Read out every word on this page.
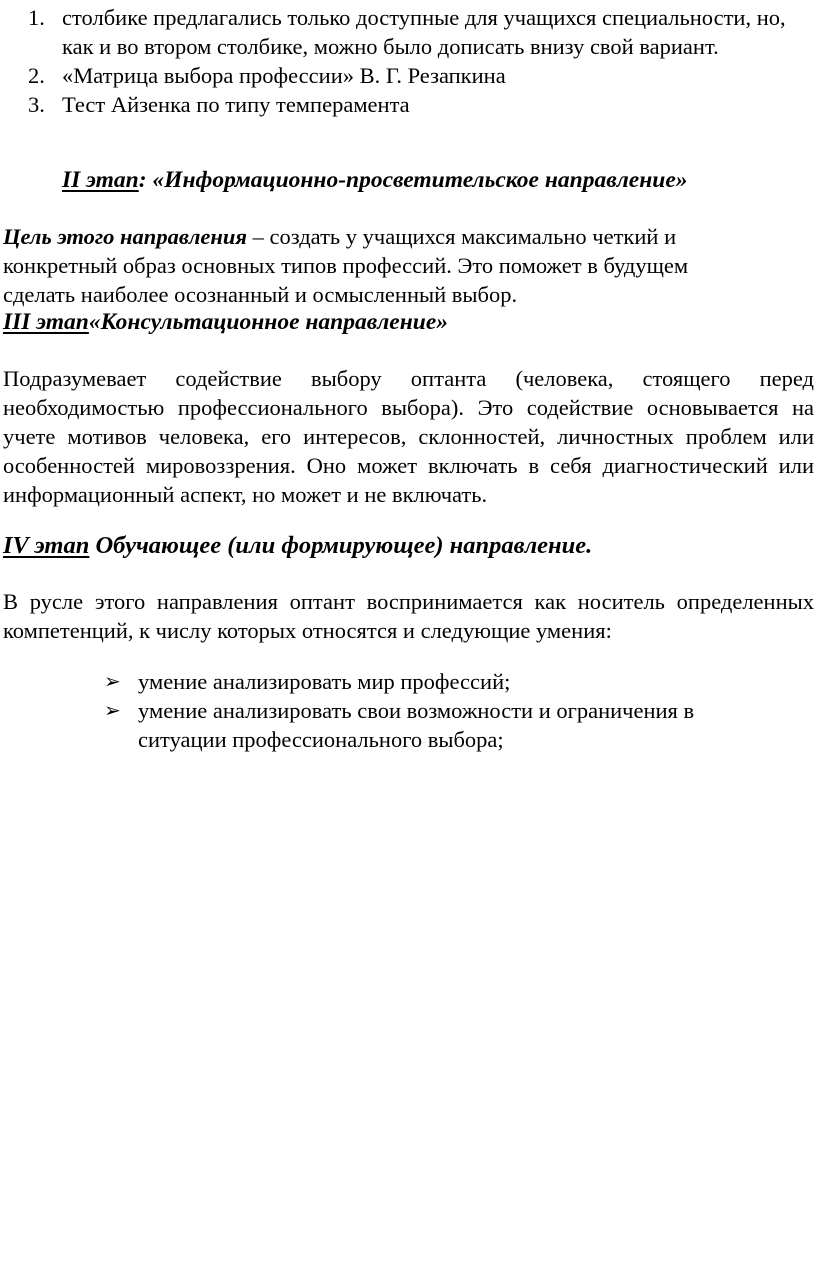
1. столбике предлагались только доступные для учащихся специальности, но, как и во втором столбике, можно было дописать внизу свой вариант.
2. «Матрица выбора профессии» В. Г. Резапкина
3. Тест Айзенка по типу темперамента
II этап: «Информационно-просветительское направление»

Цель этого направления – создать у учащихся максимально четкий и конкретный образ основных типов профессий. Это поможет в будущем сделать наиболее осознанный и осмысленный выбор.

III этап«Консультационное направление»

Подразумевает содействие выбору оптанта (человека, стоящего перед необходимостью профессионального выбора). Это содействие основывается на учете мотивов человека, его интересов, склонностей, личностных проблем или особенностей мировоззрения. Оно может включать в себя диагностический или информационный аспект, но может и не включать.

IV этап Обучающее (или формирующее) направление.

В русле этого направления оптант воспринимается как носитель определенных компетенций, к числу которых относятся и следующие умения:

➢ умение анализировать мир профессий;
➢ умение анализировать свои возможности и ограничения в ситуации профессионального выбора;
